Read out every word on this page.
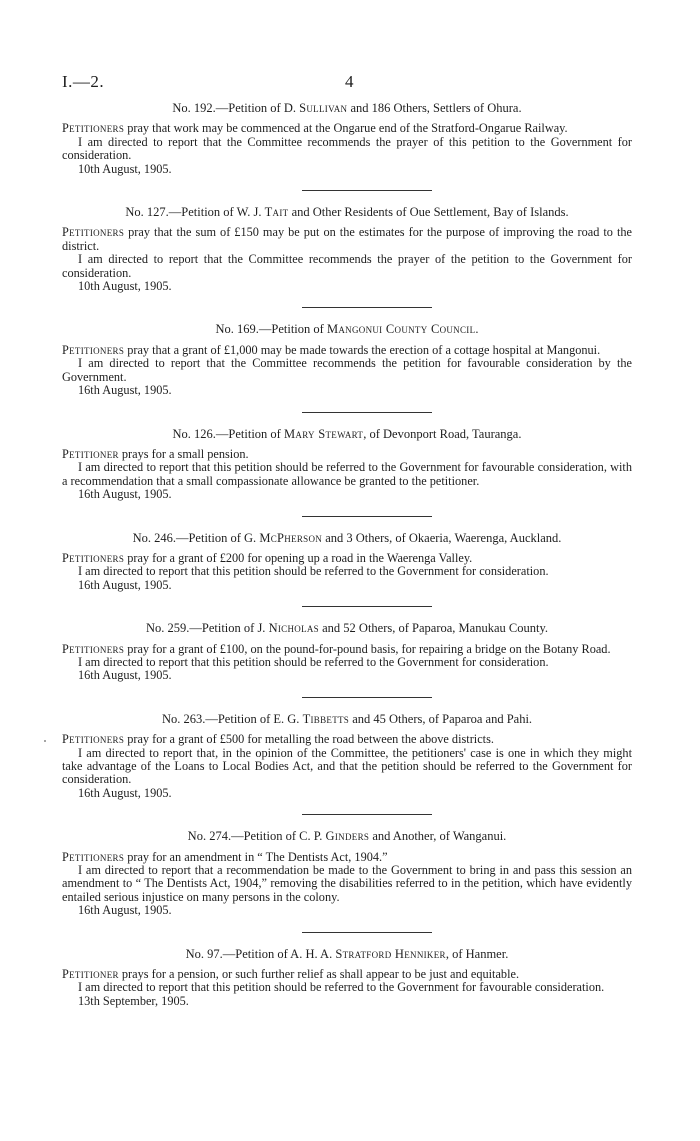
I.—2.	4
No. 192.—Petition of D. Sullivan and 186 Others, Settlers of Ohura.

Petitioners pray that work may be commenced at the Ongarue end of the Stratford-Ongarue Railway.

I am directed to report that the Committee recommends the prayer of this petition to the Government for consideration.

10th August, 1905.
No. 127.—Petition of W. J. Tait and Other Residents of Oue Settlement, Bay of Islands.

Petitioners pray that the sum of £150 may be put on the estimates for the purpose of improving the road to the district.

I am directed to report that the Committee recommends the prayer of the petition to the Government for consideration.

10th August, 1905.
No. 169.—Petition of Mangonui County Council.

Petitioners pray that a grant of £1,000 may be made towards the erection of a cottage hospital at Mangonui.

I am directed to report that the Committee recommends the petition for favourable consideration by the Government.

16th August, 1905.
No. 126.—Petition of Mary Stewart, of Devonport Road, Tauranga.

Petitioner prays for a small pension.

I am directed to report that this petition should be referred to the Government for favourable consideration, with a recommendation that a small compassionate allowance be granted to the petitioner.

16th August, 1905.
No. 246.—Petition of G. McPherson and 3 Others, of Okaeria, Waerenga, Auckland.

Petitioners pray for a grant of £200 for opening up a road in the Waerenga Valley.

I am directed to report that this petition should be referred to the Government for consideration.

16th August, 1905.
No. 259.—Petition of J. Nicholas and 52 Others, of Paparoa, Manukau County.

Petitioners pray for a grant of £100, on the pound-for-pound basis, for repairing a bridge on the Botany Road.

I am directed to report that this petition should be referred to the Government for consideration.

16th August, 1905.
No. 263.—Petition of E. G. Tibbetts and 45 Others, of Paparoa and Pahi.

Petitioners pray for a grant of £500 for metalling the road between the above districts.

I am directed to report that, in the opinion of the Committee, the petitioners' case is one in which they might take advantage of the Loans to Local Bodies Act, and that the petition should be referred to the Government for consideration.

16th August, 1905.
No. 274.—Petition of C. P. Ginders and Another, of Wanganui.

Petitioners pray for an amendment in “ The Dentists Act, 1904.”

I am directed to report that a recommendation be made to the Government to bring in and pass this session an amendment to “ The Dentists Act, 1904,” removing the disabilities referred to in the petition, which have evidently entailed serious injustice on many persons in the colony.

16th August, 1905.
No. 97.—Petition of A. H. A. Stratford Henniker, of Hanmer.

Petitioner prays for a pension, or such further relief as shall appear to be just and equitable.

I am directed to report that this petition should be referred to the Government for favourable consideration.

13th September, 1905.
